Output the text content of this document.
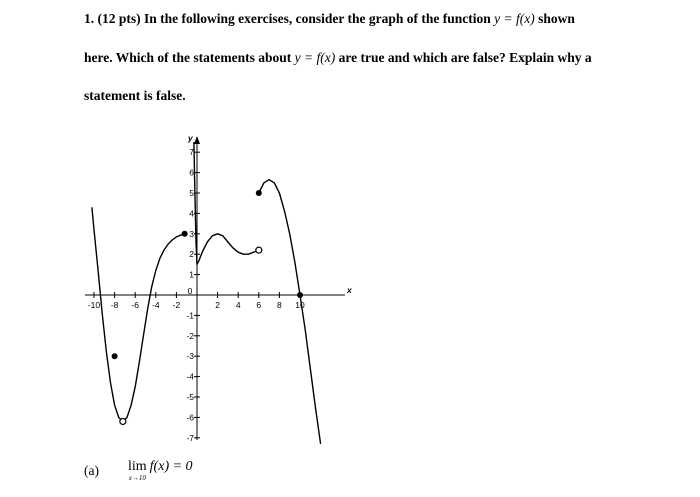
1. (12 pts) In the following exercises, consider the graph of the function y = f(x) shown
here. Which of the statements about y = f(x) are true and which are false? Explain why a
statement is false.
x
y
-10 -8 -6 -4 -2
0
2 4 6 8 10
7
6
5
4
3
2
1
-1
-2
-3
-4
-5
-6
-7
(a) lim
x→10
f(x) = 0
